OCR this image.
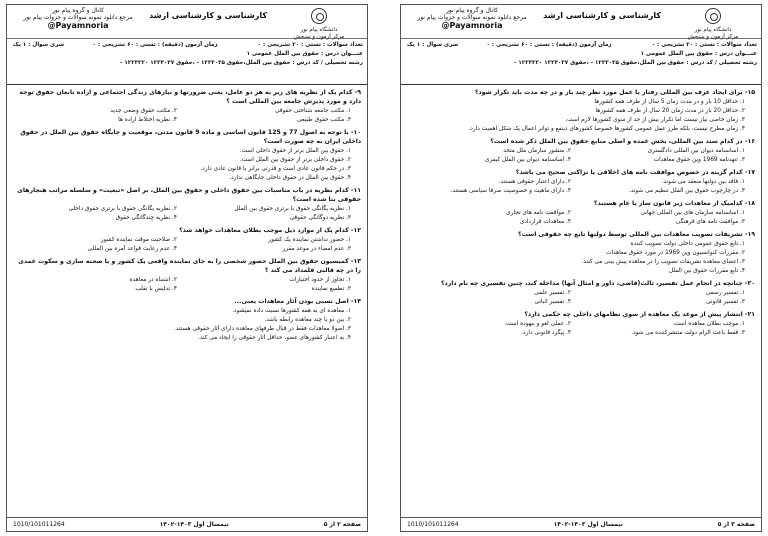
دانشگاه پیام نور
مرکز آزمون و سنجش
کارشناسی و کارشناسی ارشد
کانال و گروه پیام نور
مرجع دانلود نمونه سوالات و جزوات پیام نور
@Payamnoria
تعداد سوالات : تستی : ۲۰ تشریحی : ۰زمان آزمون (دقیقه) : تستی : ۶۰ تشریحی : ۰
سری سوال : ۱ یک
عنـــوان درس : حقوق بین الملل عمومی ۱
رشته تحصیلی / کد درس : حقوق بین الملل،حقوق ۱۲۲۳۰۲۵ - ،حقوق ۱۲۲۳۰۳۷ ۱۲۲۳۲۲۰ -
۹- کدام یک از نظریه های زیر به هر دو عامل، یعنی ضرورتها و نیازهای زندگی اجتماعی و اراده تابعان حقوق توجه دارد و مورد پذیرش جامعه بین المللی است ؟
۱. مکتب جامعه شناختی حقوقی
۲. مکتب حقوق وضعی جدید
۳. مکتب حقوق طبیعی
۴. نظریه اختلاط اراده ها
۱۰- با توجه به اصول 77 و 125 قانون اساسی و ماده 9 قانون مدنی، موقعیت و جایگاه حقوق بین الملل در حقوق داخلی ایران به چه صورت است؟
۱. حقوق بین الملل برتر از حقوق داخلی است.
۲. حقوق داخلی برتر از حقوق بین الملل است.
۳. در حکم قانون عادی است و قدرتی برابر با قانون عادی دارد.
۴. حقوق بین الملل در حقوق داخلی جایگاهی ندارد.
۱۱- کدام نظریه در باب مناسبات بین حقوق داخلی و حقوق بین الملل، بر اصل «تبعیت» و سلسله مراتب هنجارهای حقوقی بنا شده است؟
۱. نظریه یگانگی حقوق با برتری حقوق بین الملل
۲. نظریه یگانگی حقوق با برتری حقوق داخلی
۳. نظریه دوگانگی حقوقی
۴. نظریه چندگانگی حقوق
۱۲- کدام یک از موارد ذیل موجب بطلان معاهدات خواهد شد؟
۱. حضور نداشتن نماینده یک کشور
۲. صلاحیت موقت نماینده کشور
۳. عدم امضاء در موعد مقرر
۴. عدم رعایت قواعد آمره بین المللی
۱۳- کمیسیون حقوق بین الملل حضور شخصی را به جای نماینده واقعی یک کشور و یا صحنه سازی و سکوت عمدی را در چه قالبی قلمداد می کند ؟
۱. تجاوز از حدود اختیارات
۲. اشتباه در معاهده
۳. تطمیع نماینده
۴. تدلیس یا تقلب
۱۴- اصل نسبی بودن آثار معاهدات یعنی...
۱. معاهده ای به همه کشورها نسبت داده نمیشود.
۲. بین دو یا چند معاهده رابطه باشد.
۳. اصولا معاهدات فقط در قبال طرفهای معاهده دارای آثار حقوقی هستند.
۴. به اعتبار کشورهای عضو، حداقل آثار حقوقی را ایجاد می کند.
صفحه ۲ از ۵
نیمسال اول ۱۴۰۳-۱۴۰۲
1010/101011264
دانشگاه پیام نور
مرکز آزمون و سنجش
کارشناسی و کارشناسی ارشد
کانال و گروه پیام نور
مرجع دانلود نمونه سوالات و جزوات پیام نور
@Payamnoria
تعداد سوالات : تستی : ۲۰ تشریحی : ۰زمان آزمون (دقیقه) : تستی : ۶۰ تشریحی : ۰
سری سوال : ۱ یک
عنـــوان درس : حقوق بین الملل عمومی ۱
رشته تحصیلی / کد درس : حقوق بین الملل،حقوق ۱۲۲۳۰۲۵ - ،حقوق ۱۲۲۳۰۳۷ ۱۲۲۳۲۲۰ -
۱۵- برای ایجاد عرف بین المللی رفتار یا عمل مورد نظر چند بار و در چه مدت باید تکرار شود؟
۱. حداقل 10 بار و در مدت زمان 5 سال از طرف همه کشورها
۲. حداقل 20 بار در مدت زمان 20 سال از طرف همه کشورها
۳. زمان خاصی نیاز نیست اما تکرار بیش از حد از سوی کشورها لازم است.
۴. زمان مطرح نیست، بلکه طرز عمل عمومی کشورها خصوصا کشورهای ذینفع و تواتر اعمال یک شکل اهمیت دارد.
۱۶- در کدام سند بین المللی، بخش عمده و اصلی منابع حقوق بین الملل ذکر شده است؟
۱. اساسنامه دیوان بین المللی دادگستری
۲. منشور سازمان ملل متحد
۳. عهدنامه 1969 وین حقوق معاهدات
۴. اساسنامه دیوان بین الملل کیفری
۱۷- کدام گزینه در خصوص موافقت نامه های اخلاقی یا نزاکتی صحیح می باشد؟
۱. فاقد بین دولتها منعقد می شوند.
۲. دارای اعتبار حقوقی هستند.
۳. در چارچوب حقوق بین الملل تنظیم می شوند.
۴. دارای ماهیت و خصوصیت صرفا سیاسی هستند.
۱۸- کدامیک از معاهدات زیر قانون ساز یا عام هستند؟
۱. اساسنامه سازمان های بین المللی جهانی
۲. موافقت نامه های تجاری
۳. موافقت نامه های فرهنگی
۴. معاهدات قراردادی
۱۹- تشریفات تصویب معاهدات بین المللی توسط دولتها تابع چه حقوقی است؟
۱. تابع حقوق عمومی داخلی دولت تصویب کننده
۲. مقررات کنوانسیون وین 1969 در مورد حقوق معاهدات
۳. اعضای معاهده تشریفات تصویب را در معاهده پیش بینی می کنند.
۴. تابع مقررات حقوق بین الملل
۲۰- چنانچه در انجام عمل تفسیر، ثالث(قاضی، داور و امثال آنها) مداخله کند، چنین تفسیری چه نام دارد؟
۱. تفسیر رسمی
۲. تفسیر علمی
۳. تفسیر قانونی
۴. تفسیر اثباتی
۲۱- انتشار پیش از موعد یک معاهده از سوی نظامهای داخلی چه حکمی دارد؟
۱. موجب بطلان معاهده است.
۲. عملی لغو و بیهوده است.
۳. فقط باعث الزام دولت منتشرکننده می شود.
۴. پیگرد قانونی دارد.
صفحه ۳ از ۵
نیمسال اول ۱۴۰۳-۱۴۰۲
1010/101011264
